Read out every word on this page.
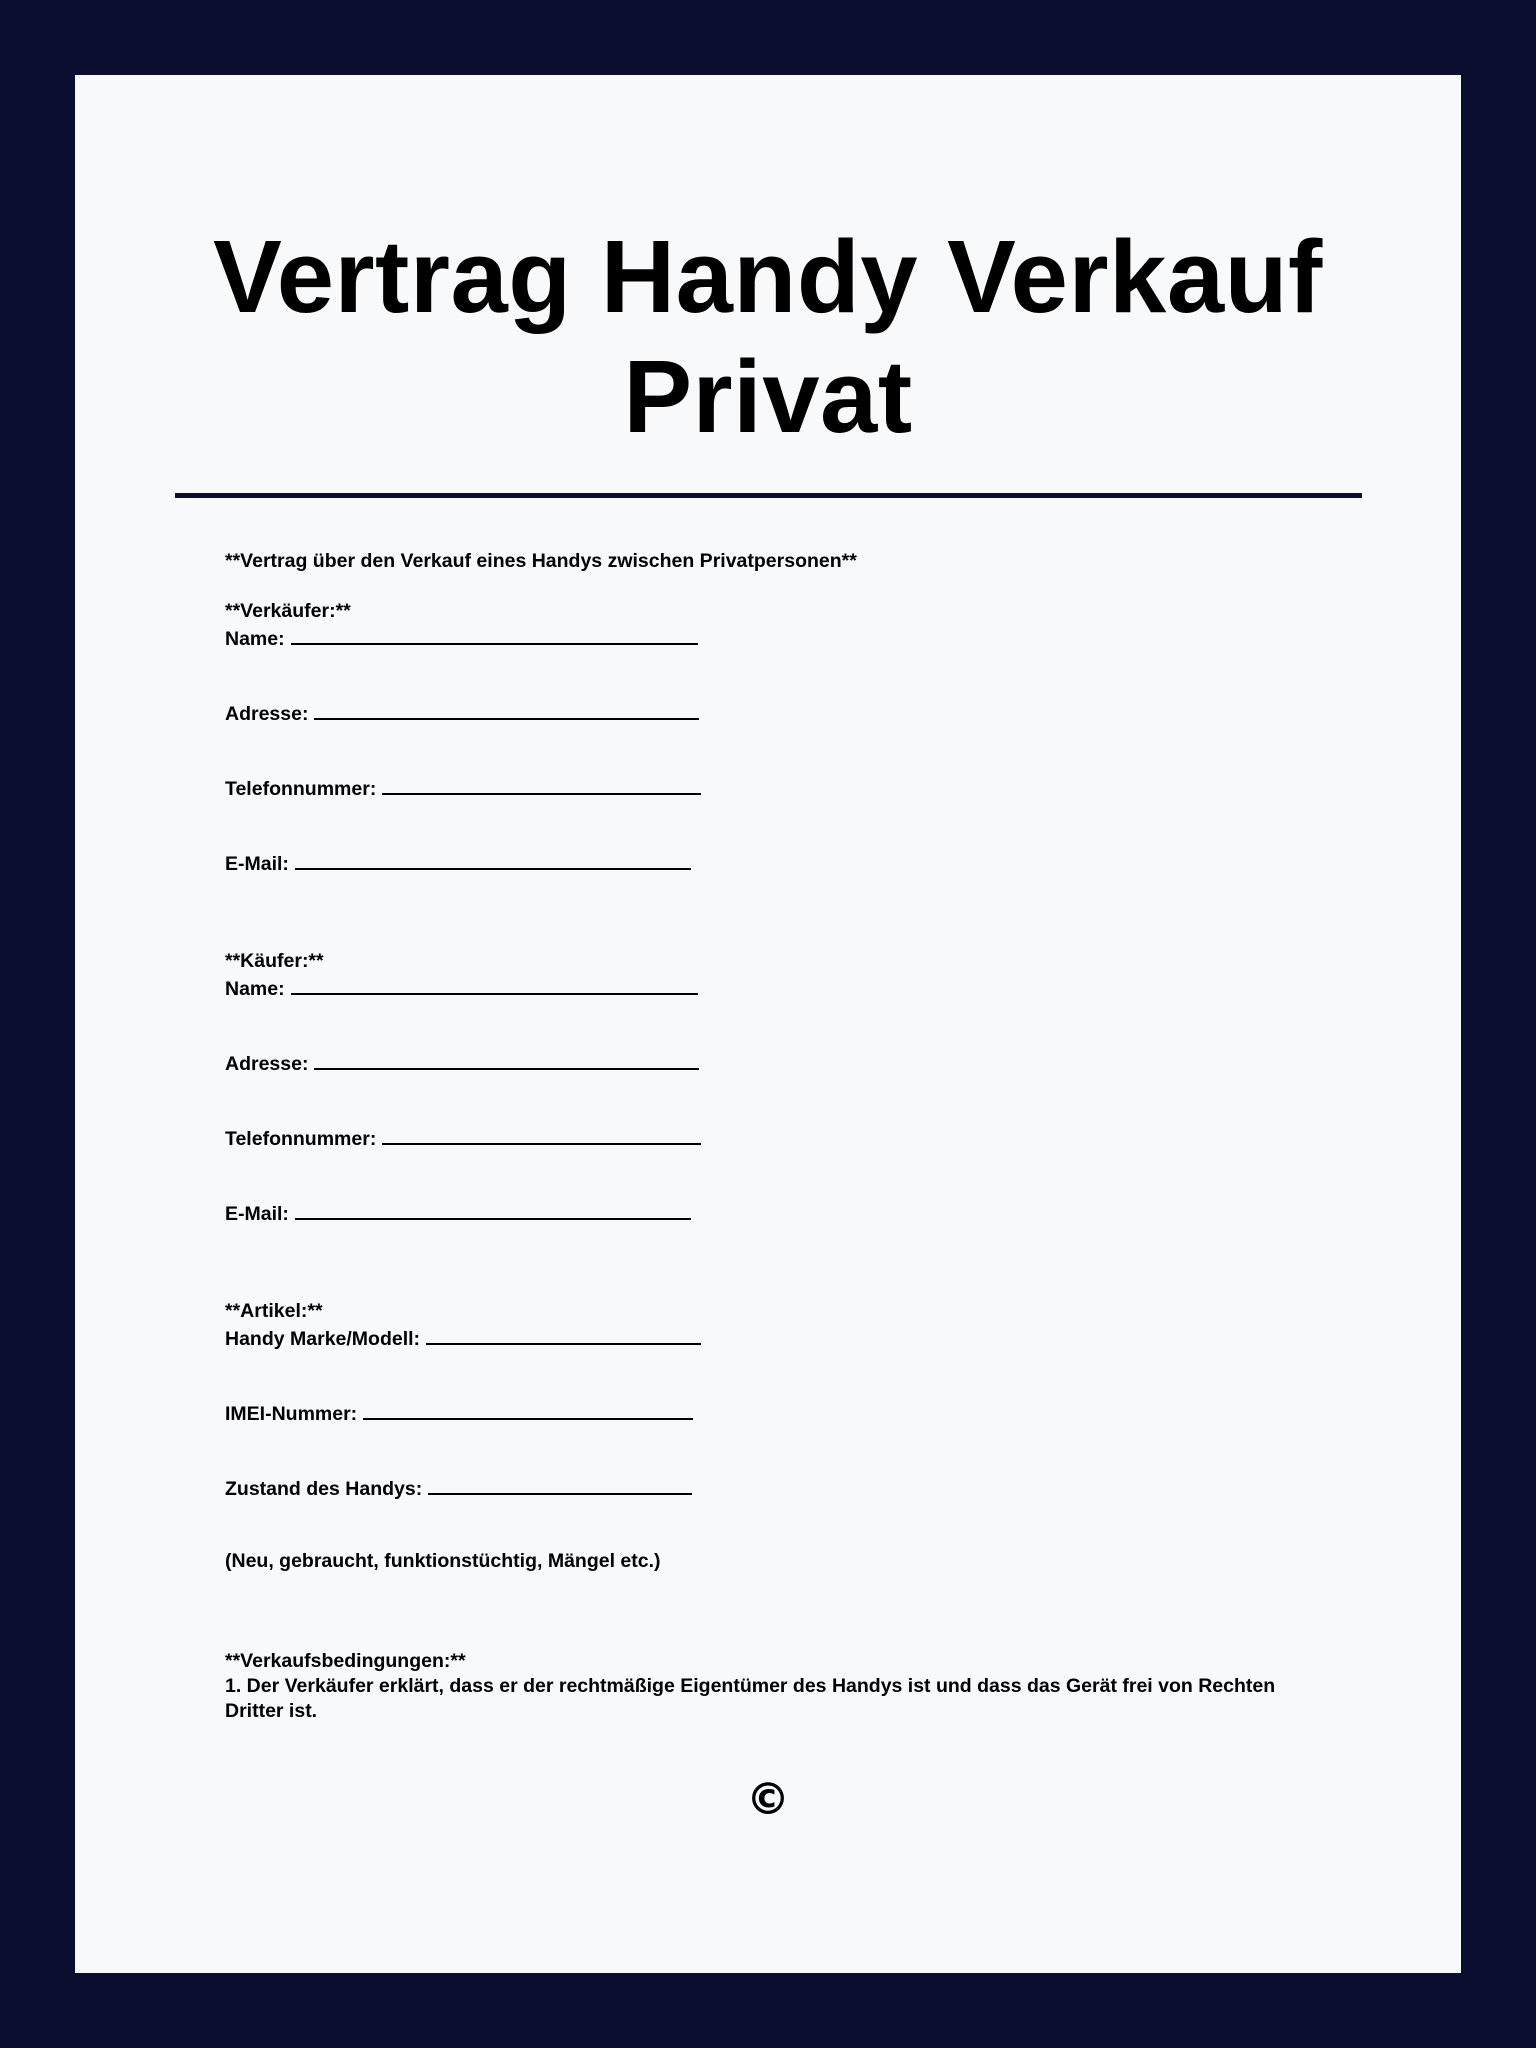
Vertrag Handy Verkauf
Privat
**Vertrag über den Verkauf eines Handys zwischen Privatpersonen**
**Verkäufer:**
Name:
Adresse:
Telefonnummer:
E-Mail:
**Käufer:**
Name:
Adresse:
Telefonnummer:
E-Mail:
**Artikel:**
Handy Marke/Modell:
IMEI-Nummer:
Zustand des Handys:
(Neu, gebraucht, funktionstüchtig, Mängel etc.)
**Verkaufsbedingungen:**
1. Der Verkäufer erklärt, dass er der rechtmäßige Eigentümer des Handys ist und dass das Gerät frei von Rechten Dritter ist.
©
